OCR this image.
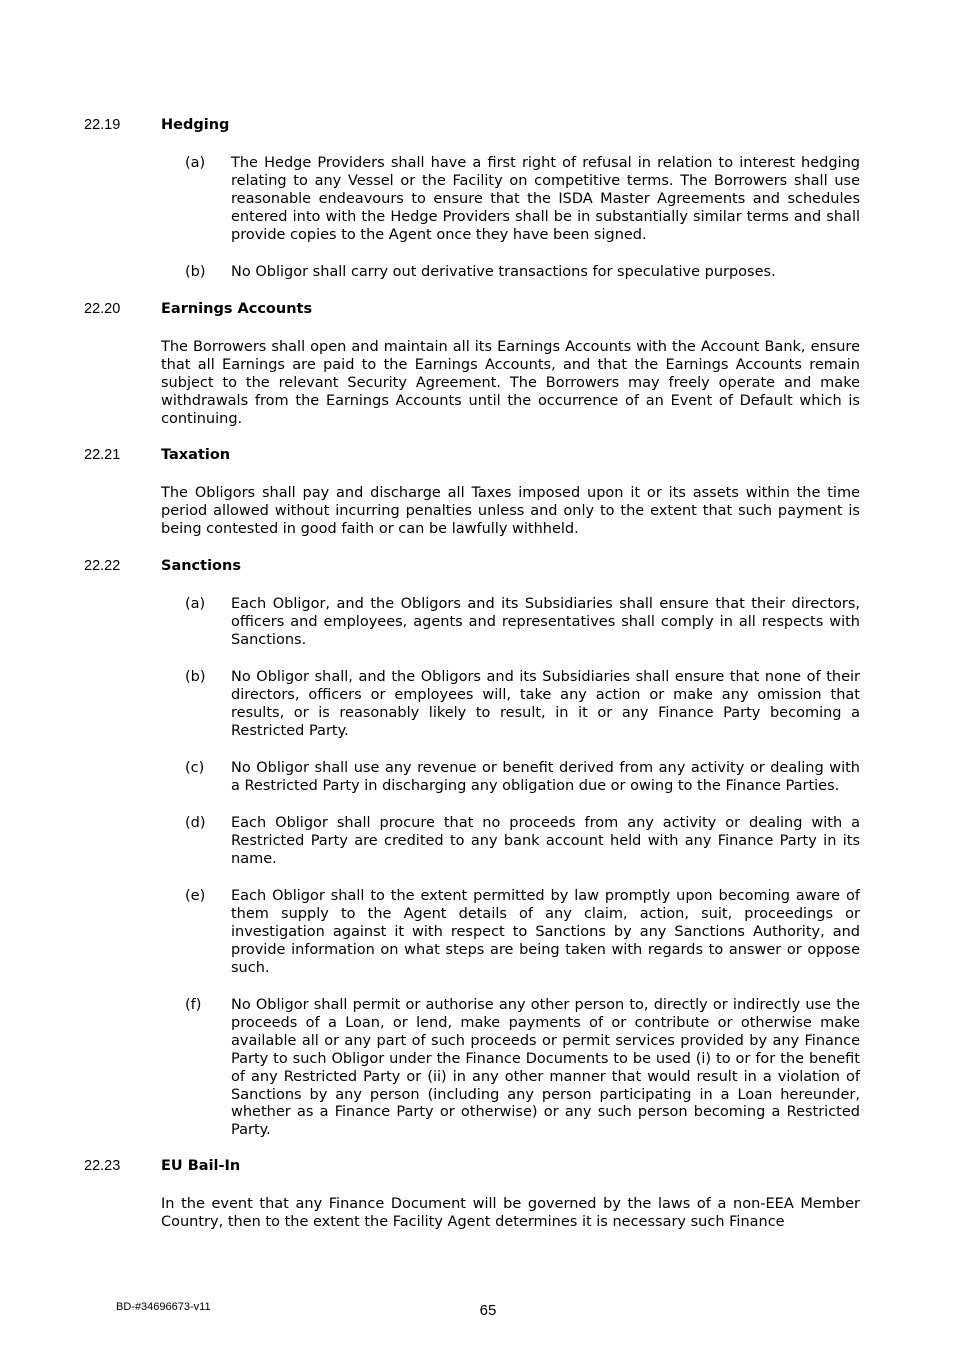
22.19	Hedging
(a) The Hedge Providers shall have a first right of refusal in relation to interest hedging relating to any Vessel or the Facility on competitive terms. The Borrowers shall use reasonable endeavours to ensure that the ISDA Master Agreements and schedules entered into with the Hedge Providers shall be in substantially similar terms and shall provide copies to the Agent once they have been signed.
(b) No Obligor shall carry out derivative transactions for speculative purposes.
22.20	Earnings Accounts
The Borrowers shall open and maintain all its Earnings Accounts with the Account Bank, ensure that all Earnings are paid to the Earnings Accounts, and that the Earnings Accounts remain subject to the relevant Security Agreement. The Borrowers may freely operate and make withdrawals from the Earnings Accounts until the occurrence of an Event of Default which is continuing.
22.21	Taxation
The Obligors shall pay and discharge all Taxes imposed upon it or its assets within the time period allowed without incurring penalties unless and only to the extent that such payment is being contested in good faith or can be lawfully withheld.
22.22	Sanctions
(a) Each Obligor, and the Obligors and its Subsidiaries shall ensure that their directors, officers and employees, agents and representatives shall comply in all respects with Sanctions.
(b) No Obligor shall, and the Obligors and its Subsidiaries shall ensure that none of their directors, officers or employees will, take any action or make any omission that results, or is reasonably likely to result, in it or any Finance Party becoming a Restricted Party.
(c) No Obligor shall use any revenue or benefit derived from any activity or dealing with a Restricted Party in discharging any obligation due or owing to the Finance Parties.
(d) Each Obligor shall procure that no proceeds from any activity or dealing with a Restricted Party are credited to any bank account held with any Finance Party in its name.
(e) Each Obligor shall to the extent permitted by law promptly upon becoming aware of them supply to the Agent details of any claim, action, suit, proceedings or investigation against it with respect to Sanctions by any Sanctions Authority, and provide information on what steps are being taken with regards to answer or oppose such.
(f) No Obligor shall permit or authorise any other person to, directly or indirectly use the proceeds of a Loan, or lend, make payments of or contribute or otherwise make available all or any part of such proceeds or permit services provided by any Finance Party to such Obligor under the Finance Documents to be used (i) to or for the benefit of any Restricted Party or (ii) in any other manner that would result in a violation of Sanctions by any person (including any person participating in a Loan hereunder, whether as a Finance Party or otherwise) or any such person becoming a Restricted Party.
22.23	EU Bail-In
In the event that any Finance Document will be governed by the laws of a non-EEA Member Country, then to the extent the Facility Agent determines it is necessary such Finance
BD-#34696673-v11	65
